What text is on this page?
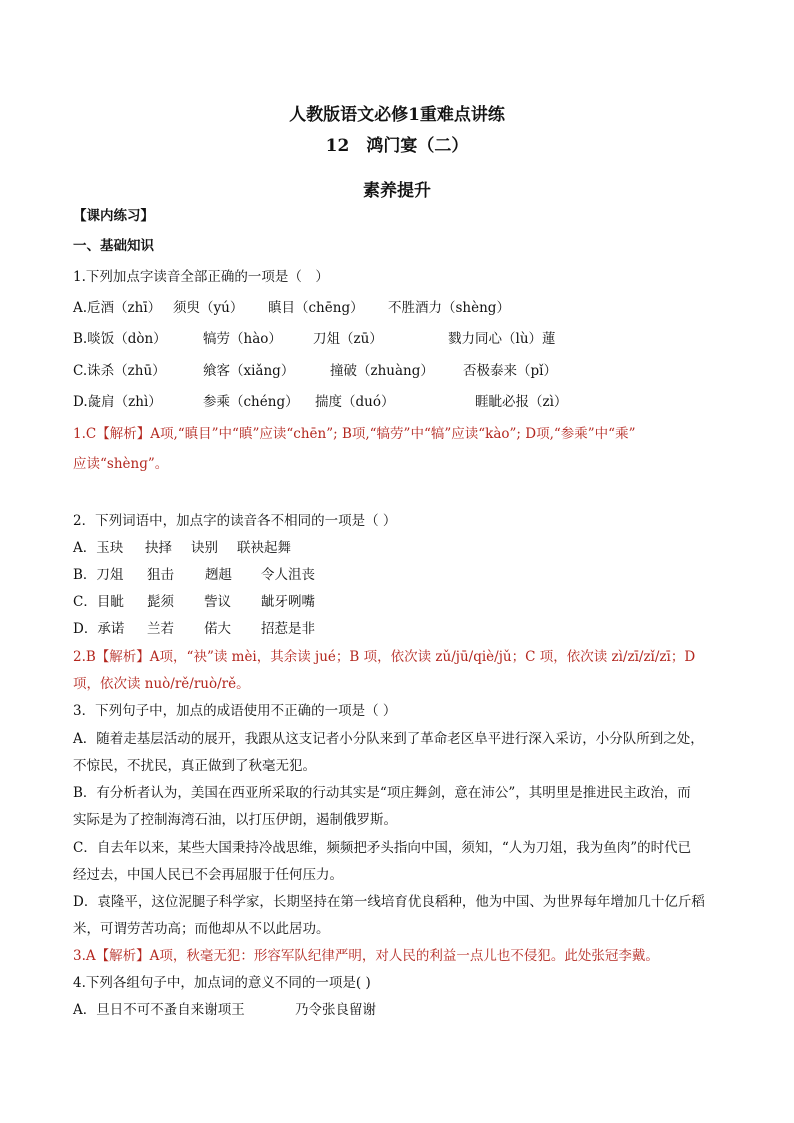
人教版语文必修1重难点讲练
12　鸿门宴（二）
素养提升
【课内练习】
一、基础知识
1.下列加点字读音全部正确的一项是（　）
A.卮酒（zhī） 须臾（yú）	瞋目（chēng）	不胜酒力（shèng）
B.啖饭（dòn）	犒劳（hào）	刀俎（zū）	戮力同心（lù）蓮
C.诛杀（zhū）	飨客（xiǎng）	撞破（zhuàng）	否极泰来（pǐ）
D.彘肩（zhì）	参乘（chéng）	揣度（duó）	睚眦必报（zì）
1.C【解析】A项,“瞋目”中“瞋”应读“chēn”; B项,“犒劳”中“犒”应读“kào”; D项,“参乘”中“乘”
应读“shènɡ”。
2．下列词语中，加点字的读音各不相同的一项是（ ）
A．玉玦	抉择	诀别	联袂起舞
B．刀俎	狙击	趔趄	令人沮丧
C．目眦	髭须	訾议	龇牙咧嘴
D．承诺	兰若	偌大	招惹是非
2.B【解析】A项，“袂”读 mèi，其余读 jué；B 项，依次读 zǔ/jū/qiè/jǔ；C 项，依次读 zì/zī/zǐ/zī；D
项，依次读 nuò/rě/ruò/rě。
3．下列句子中，加点的成语使用不正确的一项是（ ）
A．随着走基层活动的展开，我跟从这支记者小分队来到了革命老区阜平进行深入采访，小分队所到之处，
不惊民，不扰民，真正做到了秋毫无犯。
B．有分析者认为，美国在西亚所采取的行动其实是“项庄舞剑，意在沛公”，其明里是推进民主政治，而
实际是为了控制海湾石油，以打压伊朗，遏制俄罗斯。
C．自去年以来，某些大国秉持冷战思维，频频把矛头指向中国，须知，“人为刀俎，我为鱼肉”的时代已
经过去，中国人民已不会再屈服于任何压力。
D．袁隆平，这位泥腿子科学家，长期坚持在第一线培育优良稻种，他为中国、为世界每年增加几十亿斤稻
米，可谓劳苦功高；而他却从不以此居功。
3.A【解析】A项，秋毫无犯：形容军队纪律严明，对人民的利益一点儿也不侵犯。此处张冠李戴。
4.下列各组句子中，加点词的意义不同的一项是( )
A．旦日不可不蚤自来谢项王	乃令张良留谢
